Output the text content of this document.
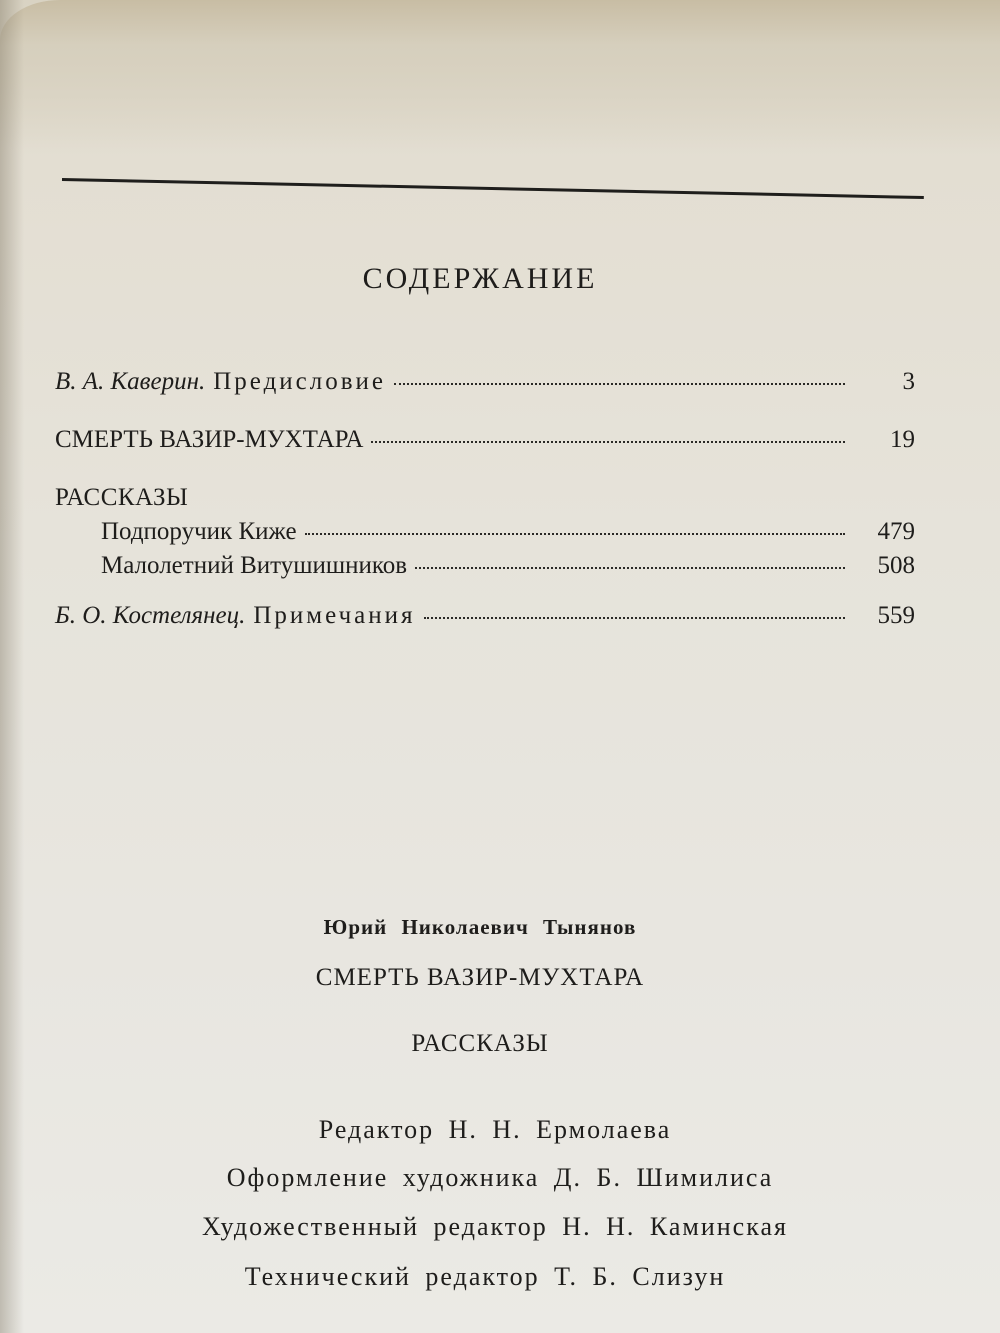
СОДЕРЖАНИЕ
В. А. Каверин. Предисловие	3
СМЕРТЬ ВАЗИР-МУХТАРА	19
РАССКАЗЫ
Подпоручик Киже	479
Малолетний Витушишников	508
Б. О. Костелянец. Примечания	559
Юрий Николаевич Тынянов
СМЕРТЬ ВАЗИР-МУХТАРА
РАССКАЗЫ
Редактор Н. Н. Ермолаева
Оформление художника Д. Б. Шимилиса
Художественный редактор Н. Н. Каминская
Технический редактор Т. Б. Слизун
